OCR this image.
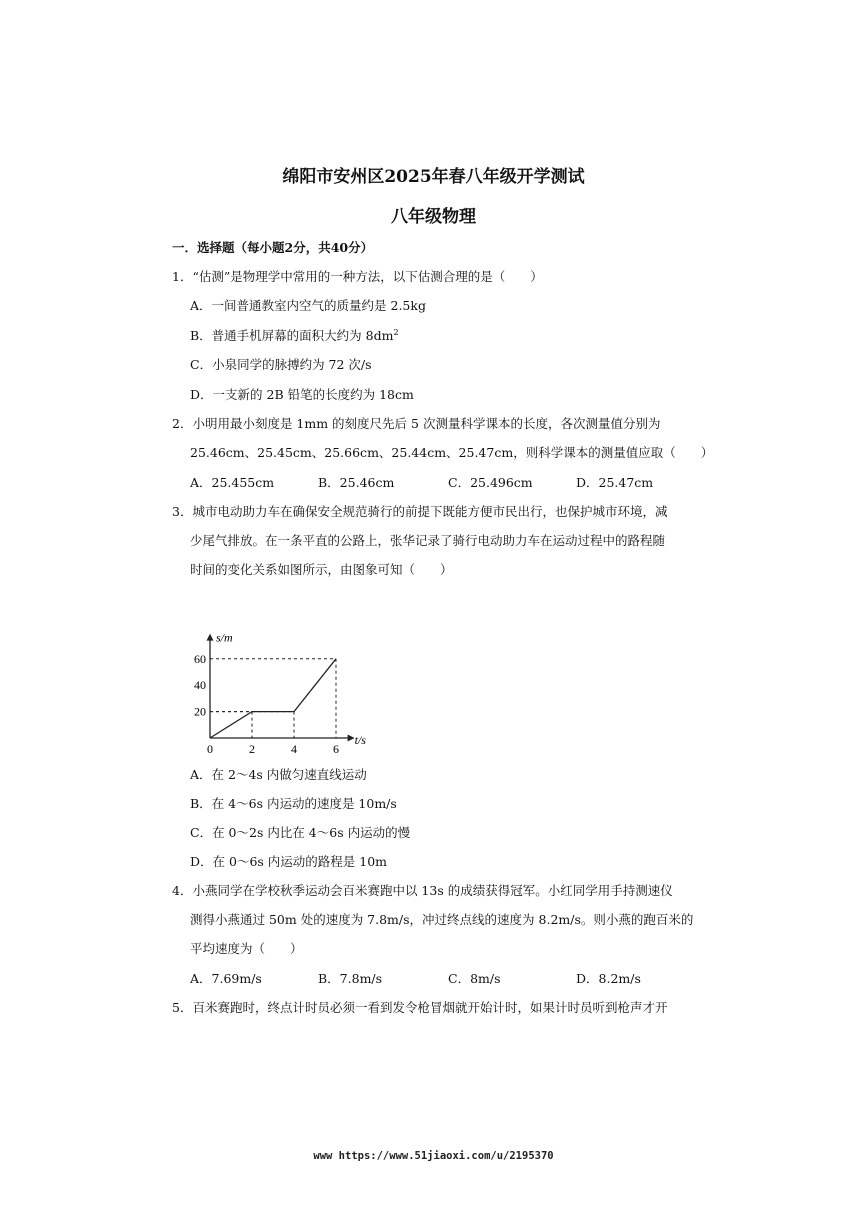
绵阳市安州区2025年春八年级开学测试
八年级物理
一．选择题（每小题2分，共40分）
1．“估测”是物理学中常用的一种方法，以下估测合理的是（　　）
A．一间普通教室内空气的质量约是 2.5kg
B．普通手机屏幕的面积大约为 $8dm^2$
C．小泉同学的脉搏约为 72 次/s
D．一支新的 2B 铅笔的长度约为 18cm
2．小明用最小刻度是 1mm 的刻度尺先后 5 次测量科学课本的长度，各次测量值分别为
25.46cm、25.45cm、25.66cm、25.44cm、25.47cm，则科学课本的测量值应取（　　）
A．25.455cm	B．25.46cm	C．25.496cm	D．25.47cm
3．城市电动助力车在确保安全规范骑行的前提下既能方便市民出行，也保护城市环境，减
少尾气排放。在一条平直的公路上，张华记录了骑行电动助力车在运动过程中的路程随
时间的变化关系如图所示，由图象可知（　　）
s/m
t/s
0	2	4	6
20
40
60
A．在 2～4s 内做匀速直线运动
B．在 4～6s 内运动的速度是 10m/s
C．在 0～2s 内比在 4～6s 内运动的慢
D．在 0～6s 内运动的路程是 10m
4．小燕同学在学校秋季运动会百米赛跑中以 13s 的成绩获得冠军。小红同学用手持测速仪
测得小燕通过 50m 处的速度为 7.8m/s，冲过终点线的速度为 8.2m/s。则小燕的跑百米的
平均速度为（　　）
A．7.69m/s	B．7.8m/s	C．8m/s	D．8.2m/s
5．百米赛跑时，终点计时员必须一看到发令枪冒烟就开始计时，如果计时员听到枪声才开
www https://www.51jiaoxi.com/u/2195370
